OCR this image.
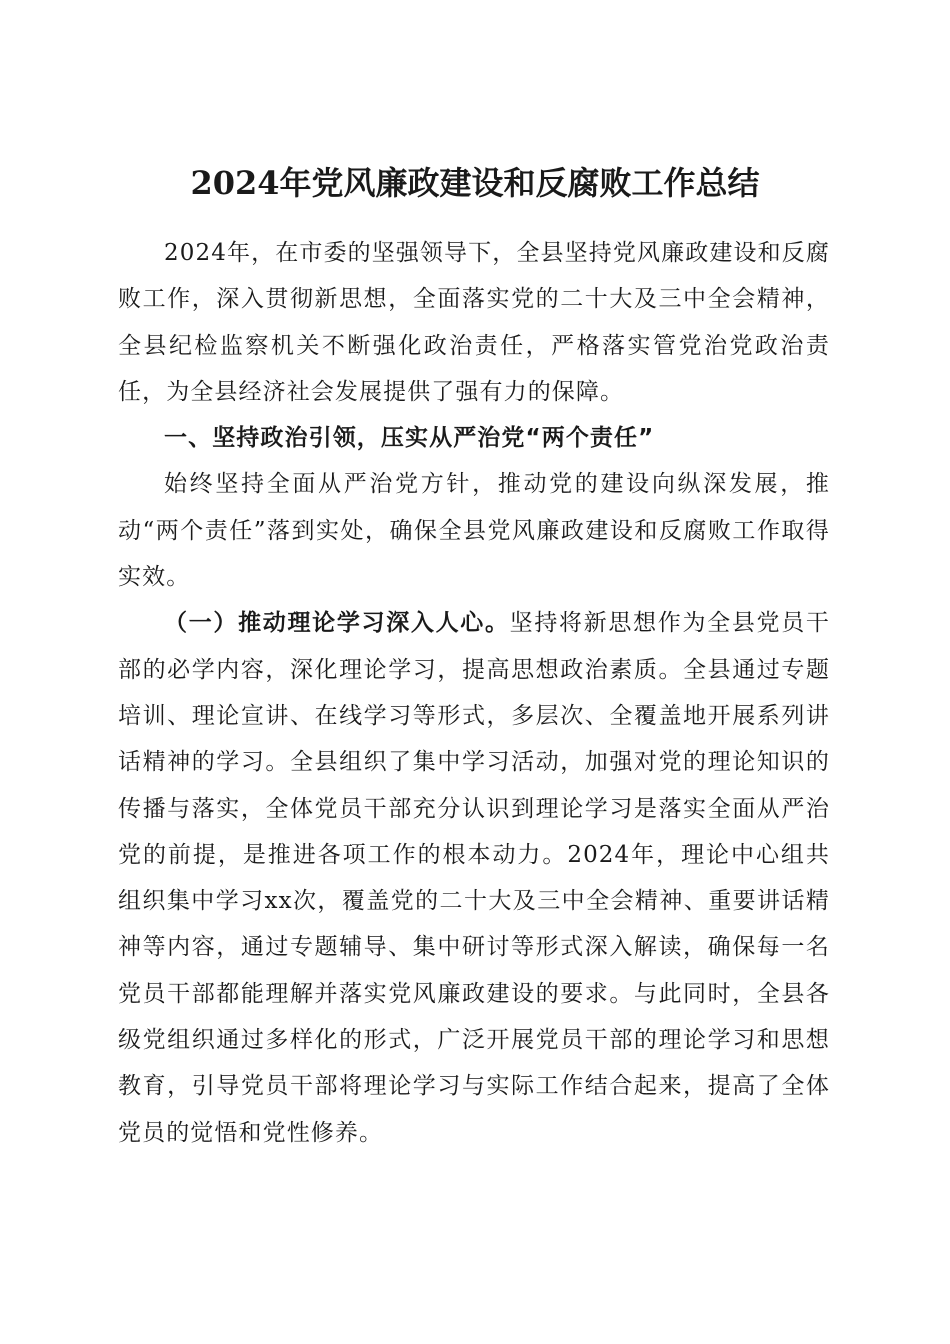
2024年党风廉政建设和反腐败工作总结

2024年，在市委的坚强领导下，全县坚持党风廉政建设和反腐败工作，深入贯彻新思想，全面落实党的二十大及三中全会精神，全县纪检监察机关不断强化政治责任，严格落实管党治党政治责任，为全县经济社会发展提供了强有力的保障。

一、坚持政治引领，压实从严治党“两个责任”

始终坚持全面从严治党方针，推动党的建设向纵深发展，推动“两个责任”落到实处，确保全县党风廉政建设和反腐败工作取得实效。

（一）推动理论学习深入人心。坚持将新思想作为全县党员干部的必学内容，深化理论学习，提高思想政治素质。全县通过专题培训、理论宣讲、在线学习等形式，多层次、全覆盖地开展系列讲话精神的学习。全县组织了集中学习活动，加强对党的理论知识的传播与落实，全体党员干部充分认识到理论学习是落实全面从严治党的前提，是推进各项工作的根本动力。2024年，理论中心组共组织集中学习xx次，覆盖党的二十大及三中全会精神、重要讲话精神等内容，通过专题辅导、集中研讨等形式深入解读，确保每一名党员干部都能理解并落实党风廉政建设的要求。与此同时，全县各级党组织通过多样化的形式，广泛开展党员干部的理论学习和思想教育，引导党员干部将理论学习与实际工作结合起来，提高了全体党员的觉悟和党性修养。
